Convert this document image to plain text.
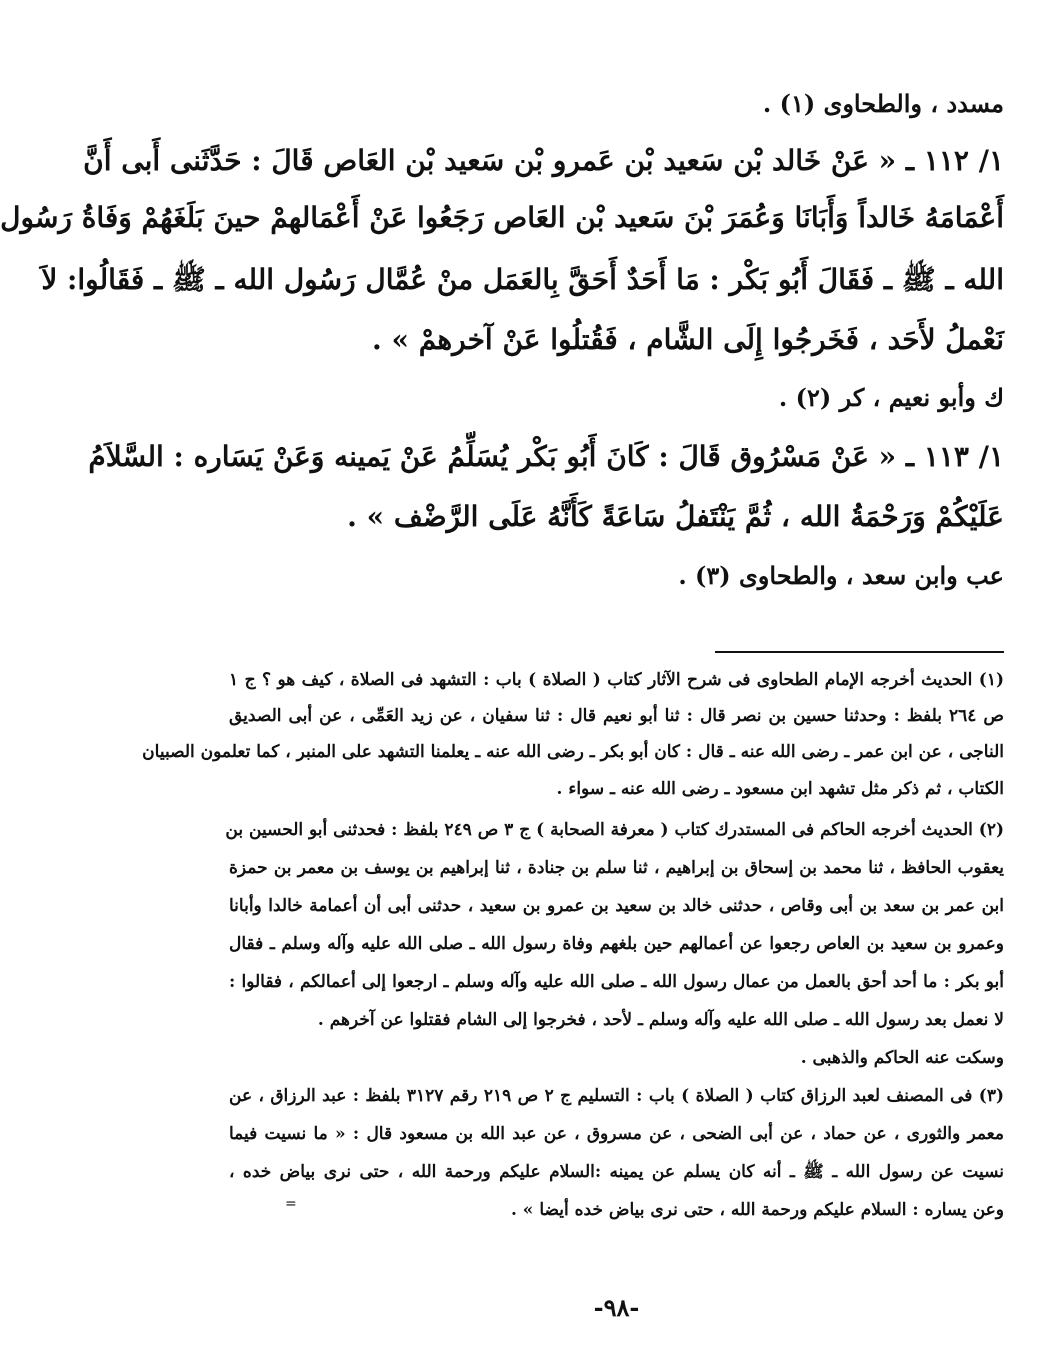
مسدد ، والطحاوى (١) .
١/ ١١٢ ـ « عَنْ خَالد بْن سَعيد بْن عَمرو بْن سَعيد بْن العَاص قَالَ : حَدَّثَنى أَبى أَنَّ
أَعْمَامَهُ خَالداً وَأَبَانَا وَعُمَرَ بْنَ سَعيد بْن العَاص رَجَعُوا عَنْ أَعْمَالهمْ حينَ بَلَغَهُمْ وَفَاةُ رَسُول
الله ـ ﷺ ـ فَقَالَ أَبُو بَكْر : مَا أَحَدٌ أَحَقَّ بِالعَمَل منْ عُمَّال رَسُول الله ـ ﷺ ـ فَقَالُوا: لاَ
نَعْملُ لأَحَد ، فَخَرجُوا إِلَى الشَّام ، فَقُتلُوا عَنْ آخرهمْ » .
ك وأبو نعيم ، كر (٢) .
١/ ١١٣ ـ « عَنْ مَسْرُوق قَالَ : كَانَ أَبُو بَكْر يُسَلِّمُ عَنْ يَمينه وَعَنْ يَسَاره : السَّلاَمُ
عَلَيْكُمْ وَرَحْمَةُ الله ، ثُمَّ يَنْتَفلُ سَاعَةً كَأَنَّهُ عَلَى الرَّضْف » .
عب وابن سعد ، والطحاوى (٣) .
(١) الحديث أخرجه الإمام الطحاوى فى شرح الآثار كتاب ( الصلاة ) باب : التشهد فى الصلاة ، كيف هو ؟ ج ١
ص ٢٦٤ بلفظ : وحدثنا حسين بن نصر قال : ثنا أبو نعيم قال : ثنا سفيان ، عن زيد العَمِّى ، عن أبى الصديق
الناجى ، عن ابن عمر ـ رضى الله عنه ـ قال : كان أبو بكر ـ رضى الله عنه ـ يعلمنا التشهد على المنبر ، كما تعلمون الصبيان
الكتاب ، ثم ذكر مثل تشهد ابن مسعود ـ رضى الله عنه ـ سواء .
(٢) الحديث أخرجه الحاكم فى المستدرك كتاب ( معرفة الصحابة ) ج ٣ ص ٢٤٩ بلفظ : فحدثنى أبو الحسين بن
يعقوب الحافظ ، ثنا محمد بن إسحاق بن إبراهيم ، ثنا سلم بن جنادة ، ثنا إبراهيم بن يوسف بن معمر بن حمزة
ابن عمر بن سعد بن أبى وقاص ، حدثنى خالد بن سعيد بن عمرو بن سعيد ، حدثنى أبى أن أعمامة خالدا وأبانا
وعمرو بن سعيد بن العاص رجعوا عن أعمالهم حين بلغهم وفاة رسول الله ـ صلى الله عليه وآله وسلم ـ فقال
أبو بكر : ما أحد أحق بالعمل من عمال رسول الله ـ صلى الله عليه وآله وسلم ـ ارجعوا إلى أعمالكم ، فقالوا :
لا نعمل بعد رسول الله ـ صلى الله عليه وآله وسلم ـ لأحد ، فخرجوا إلى الشام فقتلوا عن آخرهم .
وسكت عنه الحاكم والذهبى .
(٣) فى المصنف لعبد الرزاق كتاب ( الصلاة ) باب : التسليم ج ٢ ص ٢١٩ رقم ٣١٢٧ بلفظ : عبد الرزاق ، عن
معمر والثورى ، عن حماد ، عن أبى الضحى ، عن مسروق ، عن عبد الله بن مسعود قال : « ما نسيت فيما
نسيت عن رسول الله ـ ﷺ ـ أنه كان يسلم عن يمينه :السلام عليكم ورحمة الله ، حتى نرى بياض خده ،
وعن يساره : السلام عليكم ورحمة الله ، حتى نرى بياض خده أيضا » .
=
-٩٨-
